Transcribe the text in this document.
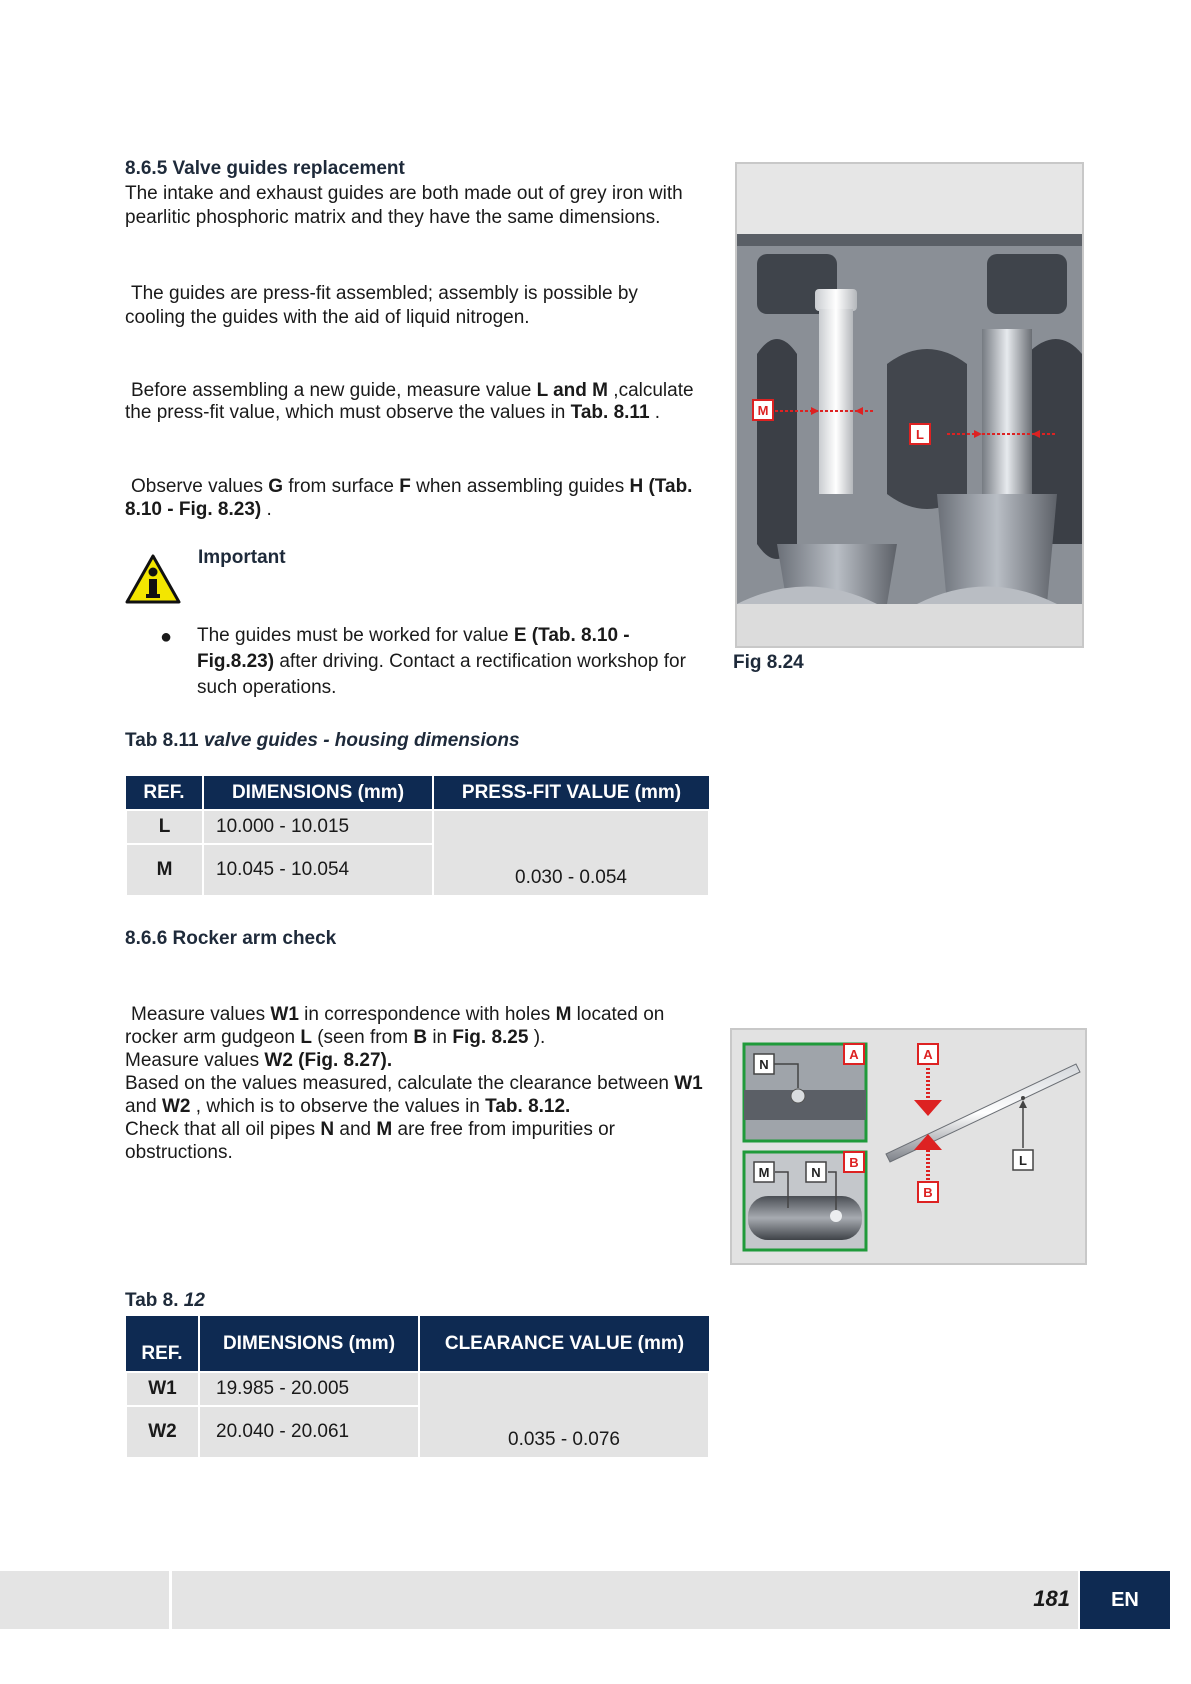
8.6.5 Valve guides replacement
The intake and exhaust guides are both made out of grey iron with pearlitic phosphoric matrix and they have the same dimensions.
The guides are press-fit assembled; assembly is possible by cooling the guides with the aid of liquid nitrogen.
Before assembling a new guide, measure value L and M ,calculate the press-fit value, which must observe the values in Tab. 8.11 .
Observe values G from surface F when assembling guides H (Tab. 8.10 - Fig. 8.23) .
Important
● The guides must be worked for value E (Tab. 8.10 - Fig.8.23) after driving. Contact a rectification workshop for such operations.
M
L
Fig 8.24
Tab 8.11 valve guides - housing dimensions
REF.	DIMENSIONS (mm)	PRESS-FIT VALUE (mm)
L	10.000 - 10.015	0.030 - 0.054
M	10.045 - 10.054	
8.6.6 Rocker arm check
Measure values W1 in correspondence with holes M located on rocker arm gudgeon L (seen from B in Fig. 8.25 ).
Measure values W2 (Fig. 8.27).
Based on the values measured, calculate the clearance between W1 and W2 , which is to observe the values in Tab. 8.12.
Check that all oil pipes N and M are free from impurities or obstructions.
N
A
M	N
B
A
B
L
Tab 8. 12
REF.	DIMENSIONS (mm)	CLEARANCE VALUE (mm)
W1	19.985 - 20.005	0.035 - 0.076
W2	20.040 - 20.061	
181	EN
